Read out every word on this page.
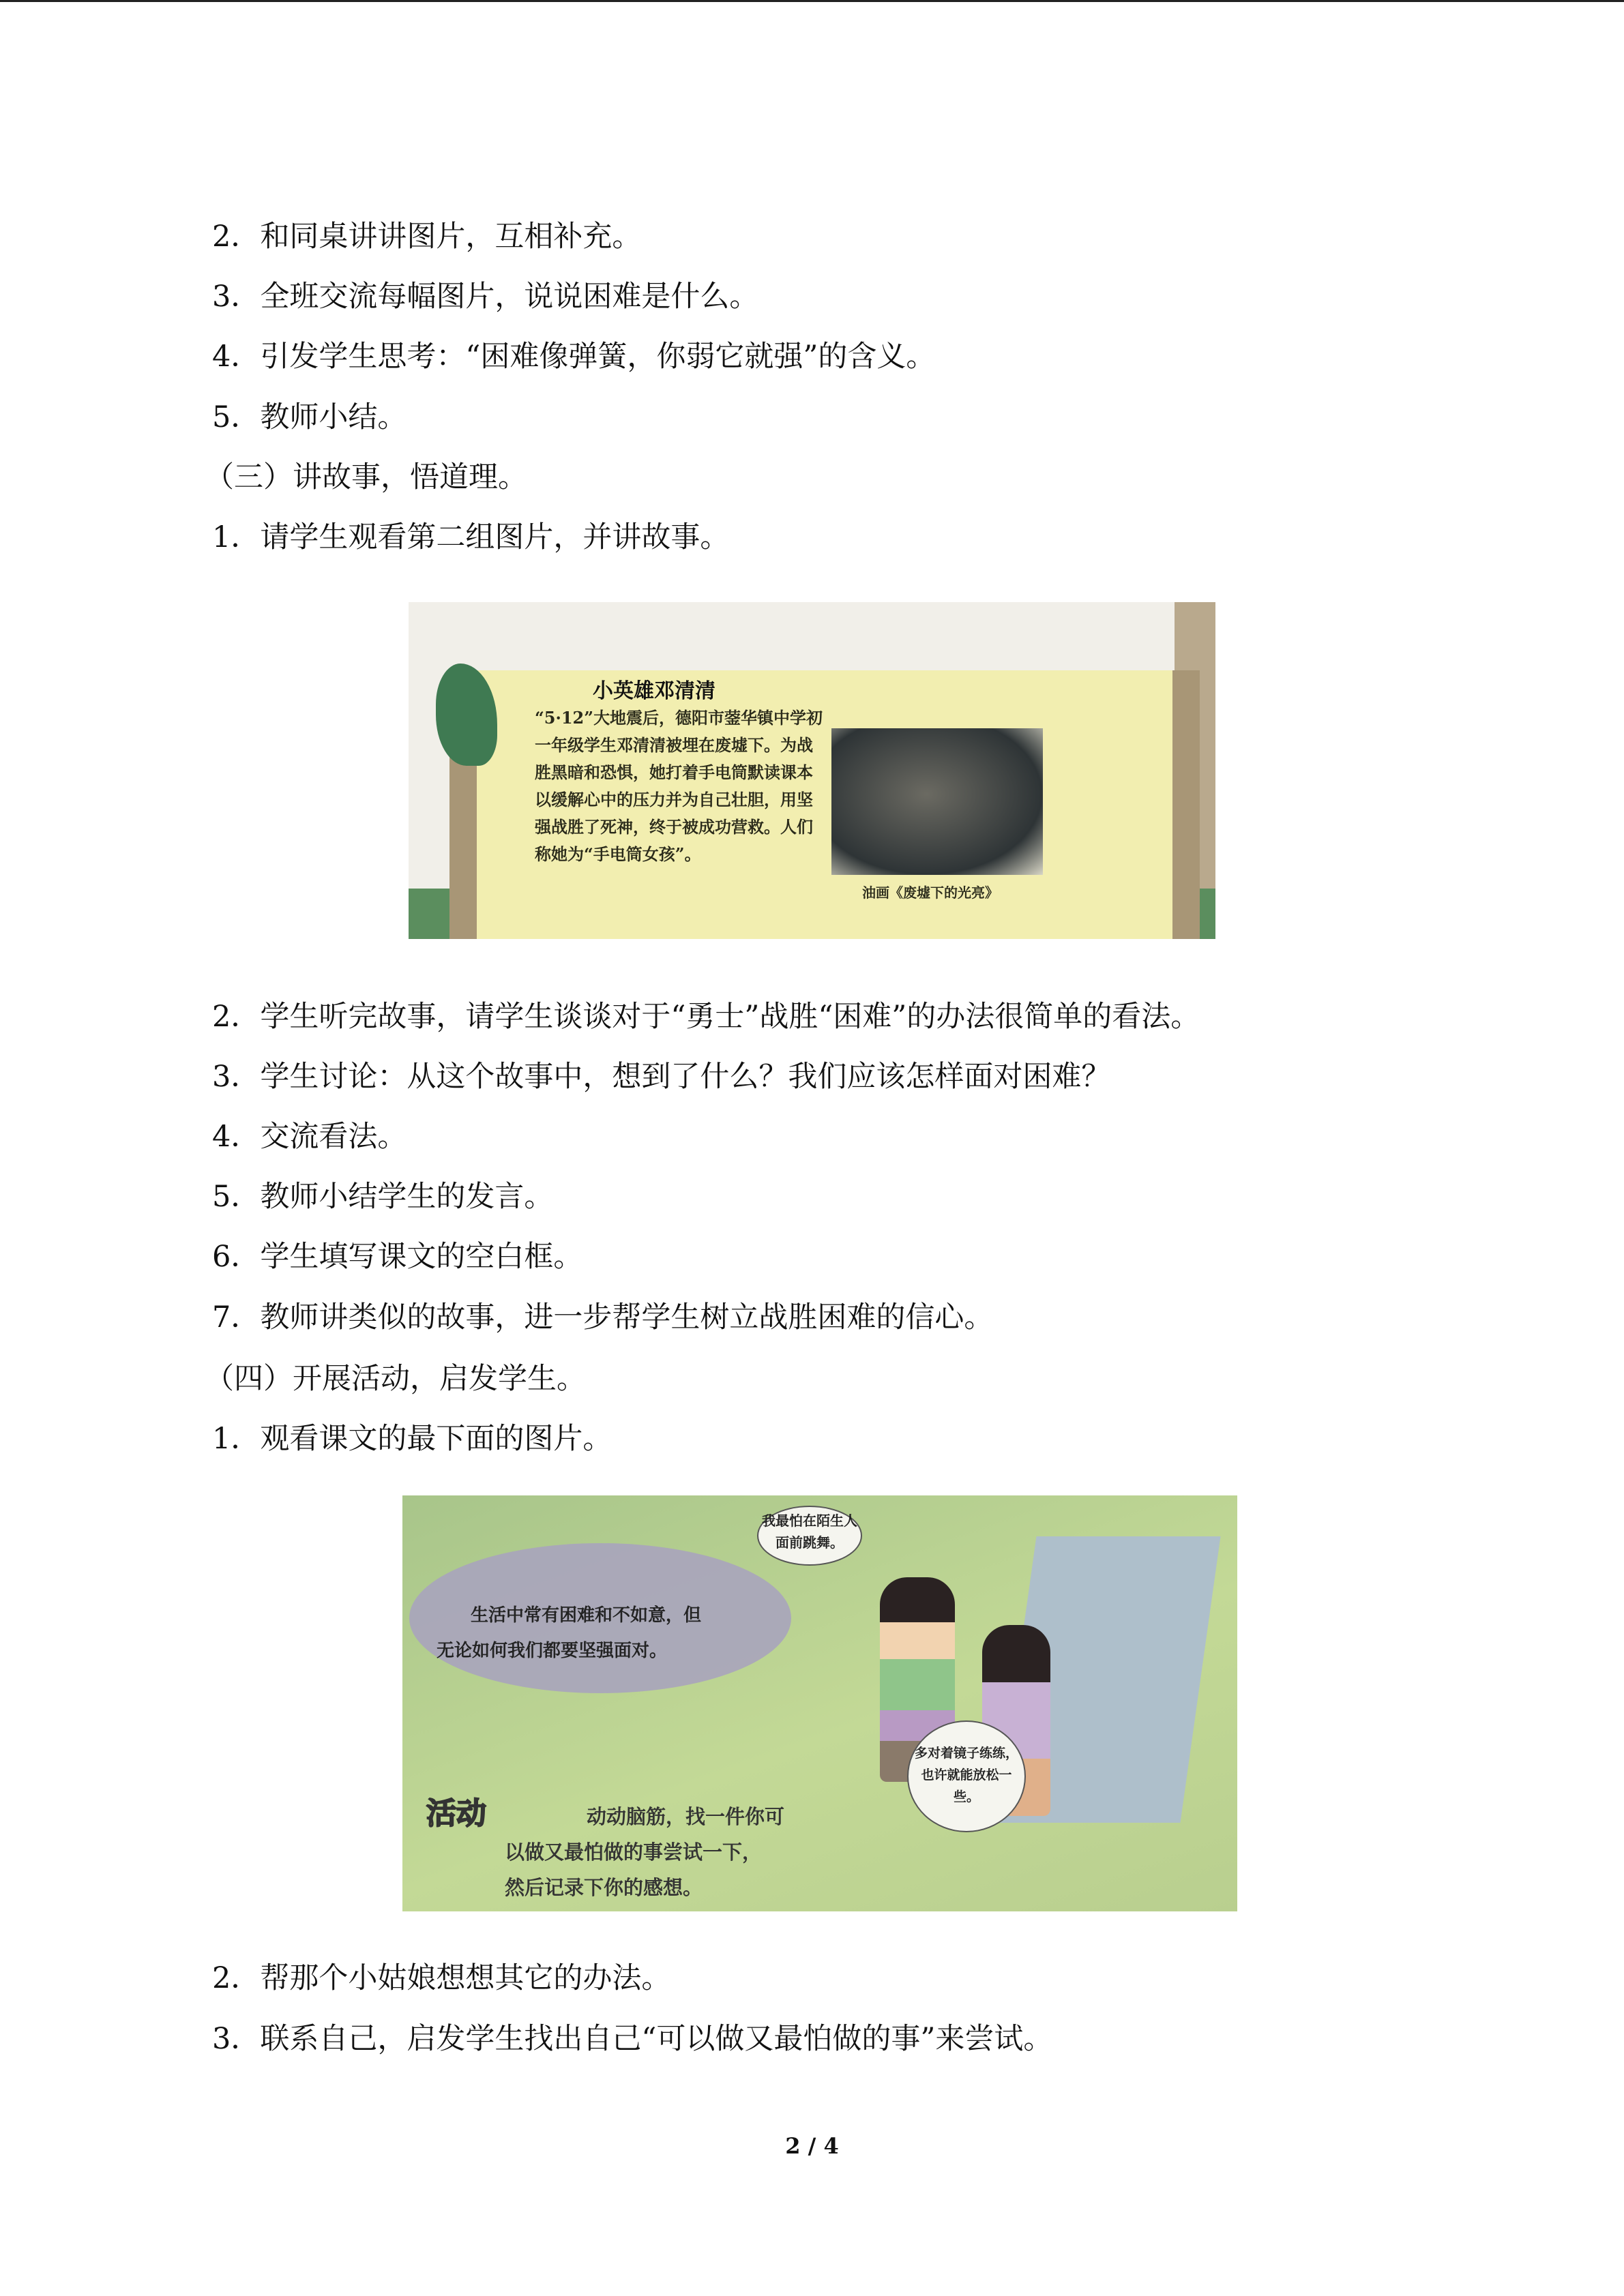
2．和同桌讲讲图片，互相补充。
3．全班交流每幅图片，说说困难是什么。
4．引发学生思考：“困难像弹簧，你弱它就强”的含义。
5．教师小结。
（三）讲故事，悟道理。
1．请学生观看第二组图片，并讲故事。
小英雄邓清清
“5·12”大地震后，德阳市蓥华镇中学初一年级学生邓清清被埋在废墟下。为战胜黑暗和恐惧，她打着手电筒默读课本以缓解心中的压力并为自己壮胆，用坚强战胜了死神，终于被成功营救。人们称她为“手电筒女孩”。
油画《废墟下的光亮》
2．学生听完故事，请学生谈谈对于“勇士”战胜“困难”的办法很简单的看法。
3．学生讨论：从这个故事中，想到了什么？我们应该怎样面对困难？
4．交流看法。
5．教师小结学生的发言。
6．学生填写课文的空白框。
7．教师讲类似的故事，进一步帮学生树立战胜困难的信心。
（四）开展活动，启发学生。
1．观看课文的最下面的图片。
生活中常有困难和不如意，但
无论如何我们都要坚强面对。
我最怕在陌生人面前跳舞。
多对着镜子练练，也许就能放松一些。
活动	动动脑筋，找一件你可
以做又最怕做的事尝试一下，
然后记录下你的感想。
2．帮那个小姑娘想想其它的办法。
3．联系自己，启发学生找出自己“可以做又最怕做的事”来尝试。
2 / 4
